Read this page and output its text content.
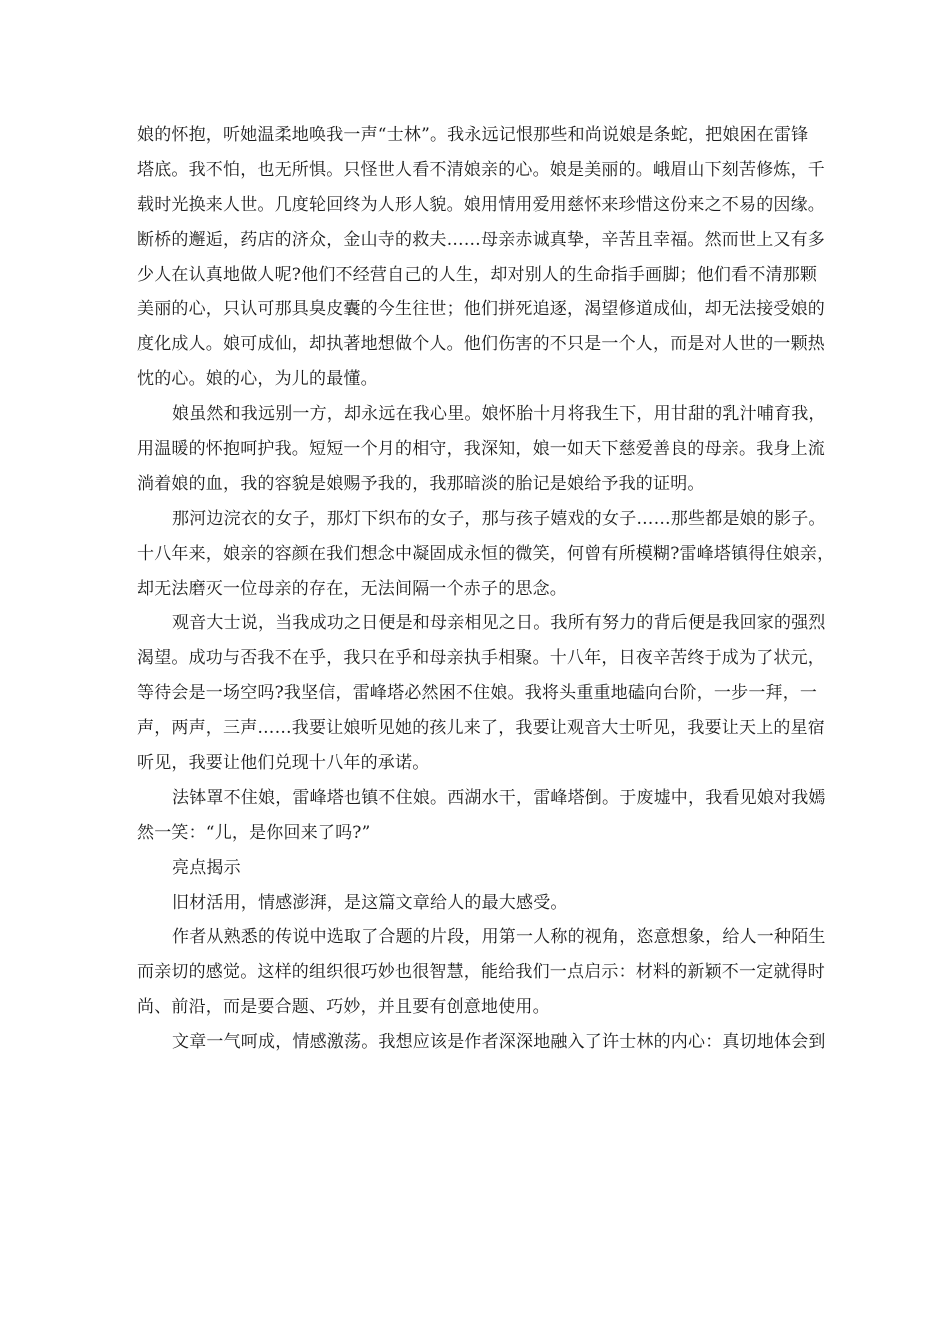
娘的怀抱，听她温柔地唤我一声“士林”。我永远记恨那些和尚说娘是条蛇，把娘困在雷锋
塔底。我不怕，也无所惧。只怪世人看不清娘亲的心。娘是美丽的。峨眉山下刻苦修炼，千
载时光换来人世。几度轮回终为人形人貌。娘用情用爱用慈怀来珍惜这份来之不易的因缘。
断桥的邂逅，药店的济众，金山寺的救夫……母亲赤诚真挚，辛苦且幸福。然而世上又有多
少人在认真地做人呢?他们不经营自己的人生，却对别人的生命指手画脚；他们看不清那颗
美丽的心，只认可那具臭皮囊的今生往世；他们拼死追逐，渴望修道成仙，却无法接受娘的
度化成人。娘可成仙，却执著地想做个人。他们伤害的不只是一个人，而是对人世的一颗热
忱的心。娘的心，为儿的最懂。
娘虽然和我远别一方，却永远在我心里。娘怀胎十月将我生下，用甘甜的乳汁哺育我，
用温暖的怀抱呵护我。短短一个月的相守，我深知，娘一如天下慈爱善良的母亲。我身上流
淌着娘的血，我的容貌是娘赐予我的，我那暗淡的胎记是娘给予我的证明。
那河边浣衣的女子，那灯下织布的女子，那与孩子嬉戏的女子……那些都是娘的影子。
十八年来，娘亲的容颜在我们想念中凝固成永恒的微笑，何曾有所模糊?雷峰塔镇得住娘亲，
却无法磨灭一位母亲的存在，无法间隔一个赤子的思念。
观音大士说，当我成功之日便是和母亲相见之日。我所有努力的背后便是我回家的强烈
渴望。成功与否我不在乎，我只在乎和母亲执手相聚。十八年，日夜辛苦终于成为了状元，
等待会是一场空吗?我坚信，雷峰塔必然困不住娘。我将头重重地磕向台阶，一步一拜，一
声，两声，三声……我要让娘听见她的孩儿来了，我要让观音大士听见，我要让天上的星宿
听见，我要让他们兑现十八年的承诺。
法钵罩不住娘，雷峰塔也镇不住娘。西湖水干，雷峰塔倒。于废墟中，我看见娘对我嫣
然一笑：“儿，是你回来了吗?”
亮点揭示
旧材活用，情感澎湃，是这篇文章给人的最大感受。
作者从熟悉的传说中选取了合题的片段，用第一人称的视角，恣意想象，给人一种陌生
而亲切的感觉。这样的组织很巧妙也很智慧，能给我们一点启示：材料的新颖不一定就得时
尚、前沿，而是要合题、巧妙，并且要有创意地使用。
文章一气呵成，情感激荡。我想应该是作者深深地融入了许士林的内心：真切地体会到
